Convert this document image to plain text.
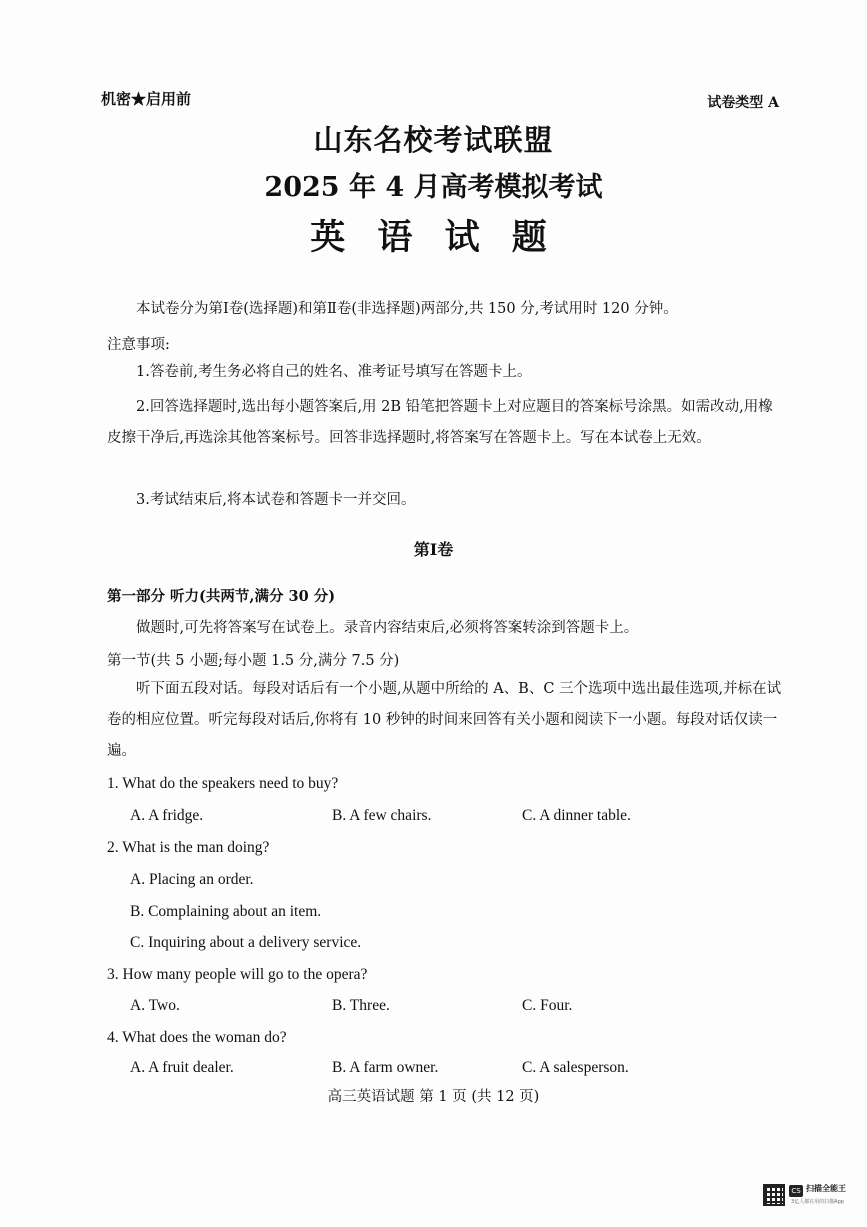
机密★启用前	试卷类型 A
山东名校考试联盟
2025 年 4 月高考模拟考试
英 语 试 题
本试卷分为第Ⅰ卷(选择题)和第Ⅱ卷(非选择题)两部分,共 150 分,考试用时 120 分钟。
注意事项:
1.答卷前,考生务必将自己的姓名、准考证号填写在答题卡上。
2.回答选择题时,选出每小题答案后,用 2B 铅笔把答题卡上对应题目的答案标号涂黑。如需改动,用橡皮擦干净后,再选涂其他答案标号。回答非选择题时,将答案写在答题卡上。写在本试卷上无效。
3.考试结束后,将本试卷和答题卡一并交回。
第Ⅰ卷
第一部分 听力(共两节,满分 30 分)
做题时,可先将答案写在试卷上。录音内容结束后,必须将答案转涂到答题卡上。
第一节(共 5 小题;每小题 1.5 分,满分 7.5 分)
听下面五段对话。每段对话后有一个小题,从题中所给的 A、B、C 三个选项中选出最佳选项,并标在试卷的相应位置。听完每段对话后,你将有 10 秒钟的时间来回答有关小题和阅读下一小题。每段对话仅读一遍。
1. What do the speakers need to buy?
A. A fridge.	B. A few chairs.	C. A dinner table.
2. What is the man doing?
A. Placing an order.
B. Complaining about an item.
C. Inquiring about a delivery service.
3. How many people will go to the opera?
A. Two.	B. Three.	C. Four.
4. What does the woman do?
A. A fruit dealer.	B. A farm owner.	C. A salesperson.
高三英语试题 第 1 页 (共 12 页)
CS 扫描全能王
3亿人都在用的扫描App
